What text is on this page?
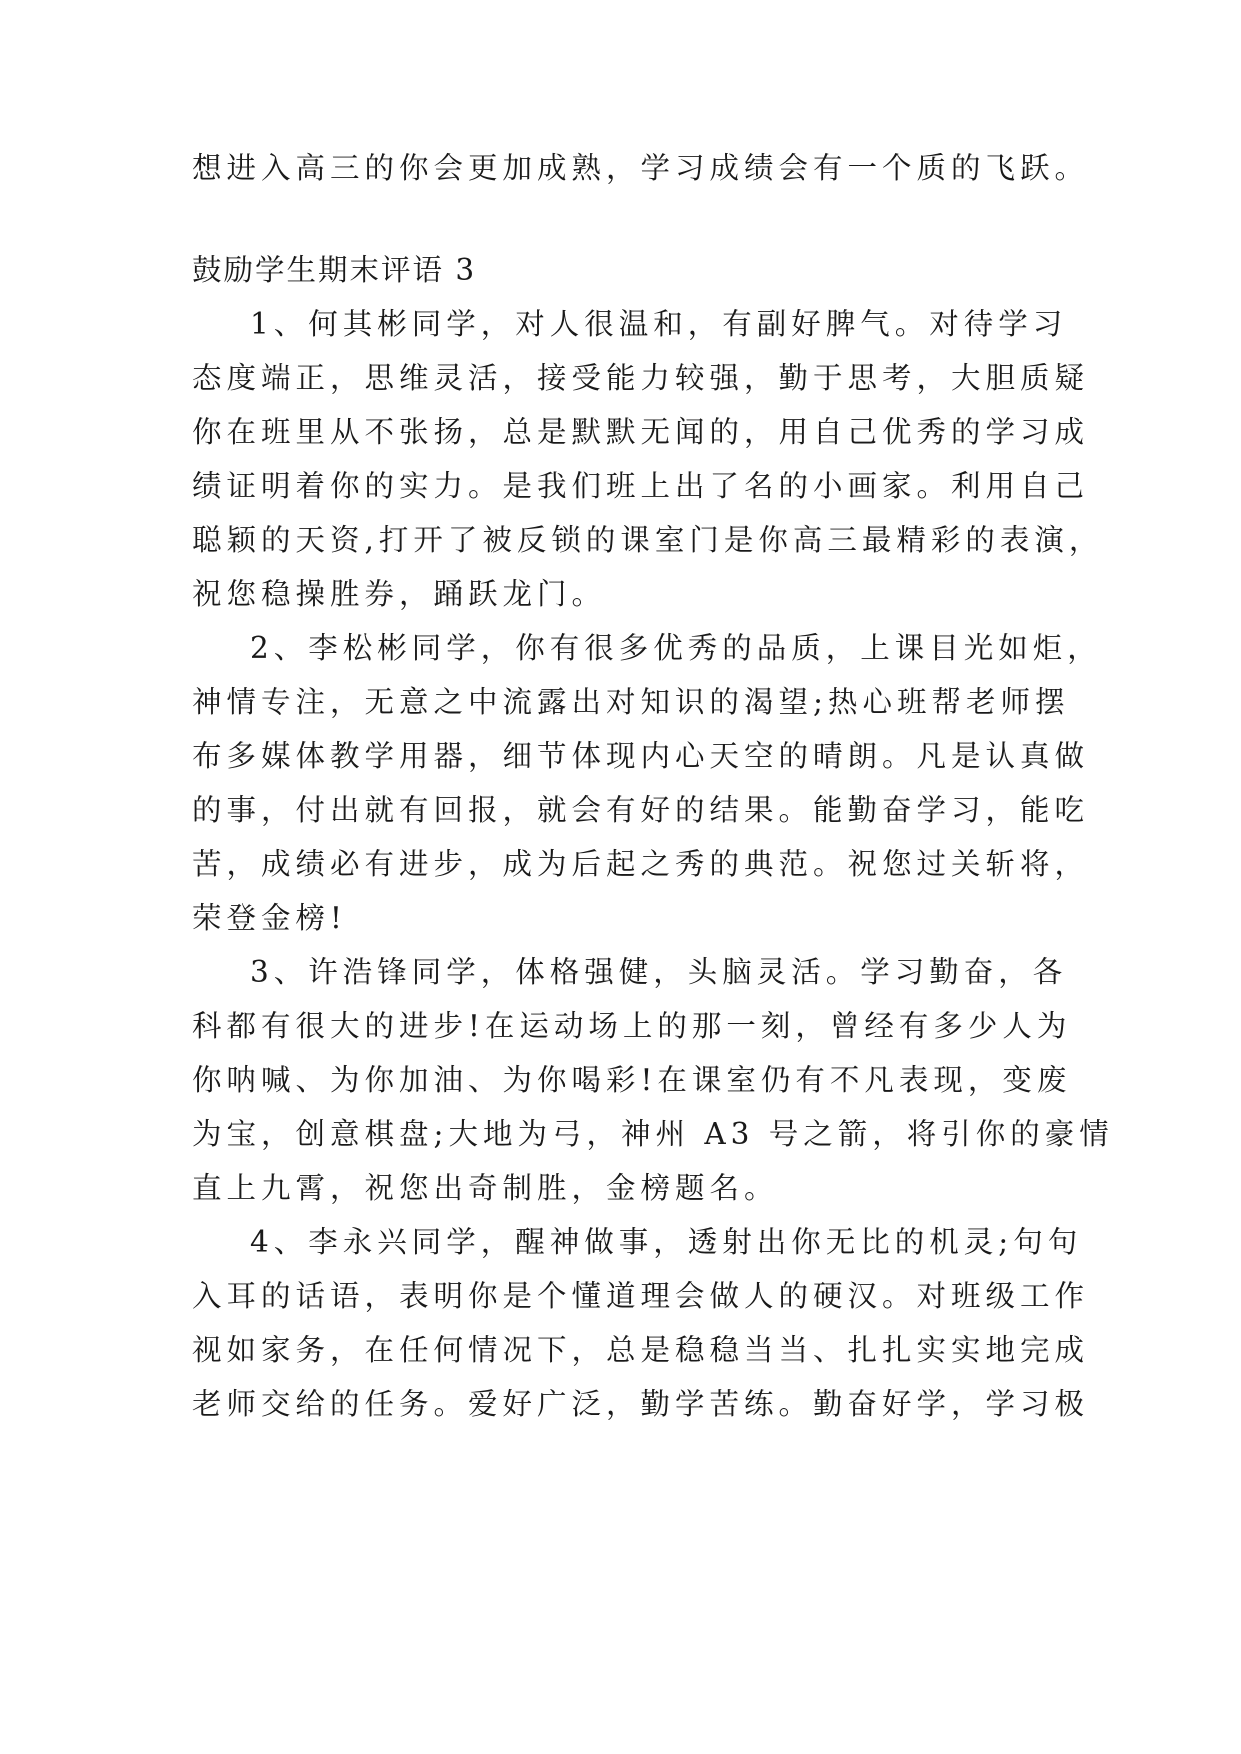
想进入高三的你会更加成熟，学习成绩会有一个质的飞跃。
鼓励学生期末评语 3
1、何其彬同学，对人很温和，有副好脾气。对待学习
态度端正，思维灵活，接受能力较强，勤于思考，大胆质疑
你在班里从不张扬，总是默默无闻的，用自己优秀的学习成
绩证明着你的实力。是我们班上出了名的小画家。利用自己
聪颖的天资,打开了被反锁的课室门是你高三最精彩的表演，
祝您稳操胜券，踊跃龙门。
2、李松彬同学，你有很多优秀的品质，上课目光如炬，
神情专注，无意之中流露出对知识的渴望;热心班帮老师摆
布多媒体教学用器，细节体现内心天空的晴朗。凡是认真做
的事，付出就有回报，就会有好的结果。能勤奋学习，能吃
苦，成绩必有进步，成为后起之秀的典范。祝您过关斩将，
荣登金榜!
3、许浩锋同学，体格强健，头脑灵活。学习勤奋，各
科都有很大的进步!在运动场上的那一刻，曾经有多少人为
你呐喊、为你加油、为你喝彩!在课室仍有不凡表现，变废
为宝，创意棋盘;大地为弓，神州 A3 号之箭，将引你的豪情
直上九霄，祝您出奇制胜，金榜题名。
4、李永兴同学，醒神做事，透射出你无比的机灵;句句
入耳的话语，表明你是个懂道理会做人的硬汉。对班级工作
视如家务，在任何情况下，总是稳稳当当、扎扎实实地完成
老师交给的任务。爱好广泛，勤学苦练。勤奋好学，学习极
